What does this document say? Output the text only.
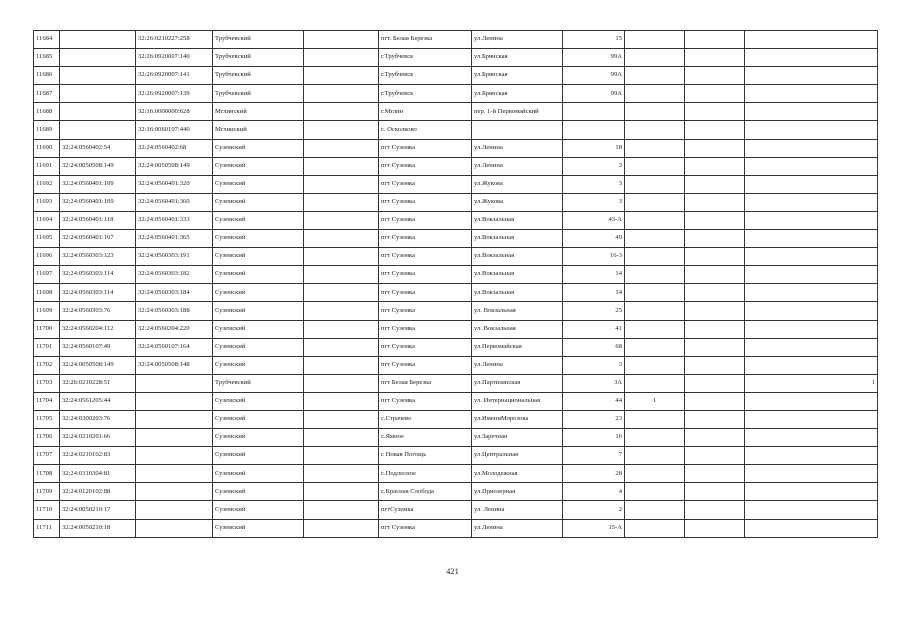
11684		32:26:0210227:258	Трубчевский		пгт. Белая Березка	ул.Ленина	15			
11685		32:26:0920007:140	Трубчевский		г.Трубчевск	ул.Брянская	99А			
11686		32:26:0920007:141	Трубчевский		г.Трубчевск	ул.Брянская	99А			
11687		32:26:0920007:139	Трубчевский		г.Трубчевск	ул.Брянская	99А			
11688		32:16:0000000:628	Мглинский		г.Мглин	пер. 1-й Первомайский				
11689		32:16:0060107:440	Мглинский		с. Осколково					
11690	32:24:0560402:54	32:24:0560402:68	Суземский		пгт Суземка	ул.Ленина	18			
11691	32:24:0050508:149	32:24:0050508:149	Суземский		пгт Суземка	ул.Ленина	3			
11692	32:24:0560401:109	32:24:0560401:320	Суземский		пгт Суземка	ул.Жукова	3			
11693	32:24:0560401:109	32:24:0560401:360	Суземский		пгт Суземка	ул.Жукова	3			
11694	32:24:0560401:118	32:24:0560401:333	Суземский		пгт Суземка	ул.Вокзальная	43-А			
11695	32:24:0560401:107	32:24:0560401:365	Суземский		пгт Суземка	ул.Вокзальная	49			
11696	32:24:0560303:123	32:24:0560303:191	Суземский		пгт Суземка	ул.Вокзальная	16-3			
11697	32:24:0560303:114	32:24:0560303:182	Суземский		пгт Суземка	ул.Вокзальная	14			
11698	32:24:0560303:114	32:24:0560303:184	Суземский		пгт Суземка	ул.Вокзальная	14			
11699	32:24:0560303:76	32:24:0560303:188	Суземский		пгт Суземка	ул. Вокзальная	25			
11700	32:24:0560204:112	32:24:0560204:220	Суземский		пгт Суземка	ул. Вокзальная	41			
11701	32:24:0560107:49	32:24:0560107:164	Суземский		пгт Суземка	ул.Первомайская	68			
11702	32:24:0050508:149	32:24:0050508:148	Суземский		пгт Суземка	ул.Ленина	3			
11703	32:26:0210228:51		Трубчевский		пгт Белая Березка	ул.Партизанская	3А			1
11704	32:24:0561205:44		Суземский		пгт Суземка	ул. Интернациональная	44	1		
11705	32:24:0300203:76		Суземский		с.Страчево	ул.ИмениМорозова	23			
11706	32:24:0210201:66		Суземский		с.Ямное	ул.Заречная	16			
11707	32:24:0210102:83		Суземский		с Новая Погощь	ул.Центральная	7			
11708	32:24:0310304:81		Суземский		с.Подлесное	ул.Молодежная	28			
11709	32:24:0120102:88		Суземский		с.Красная Слобода	ул.Приозерная	4			
11710	32:24:0050210:17		Суземский		пгтСуземка	ул. Ленина	2			
11711	32:24:0050210:18		Суземский		пгт Суземка	ул.Ленина	15-А			
421
